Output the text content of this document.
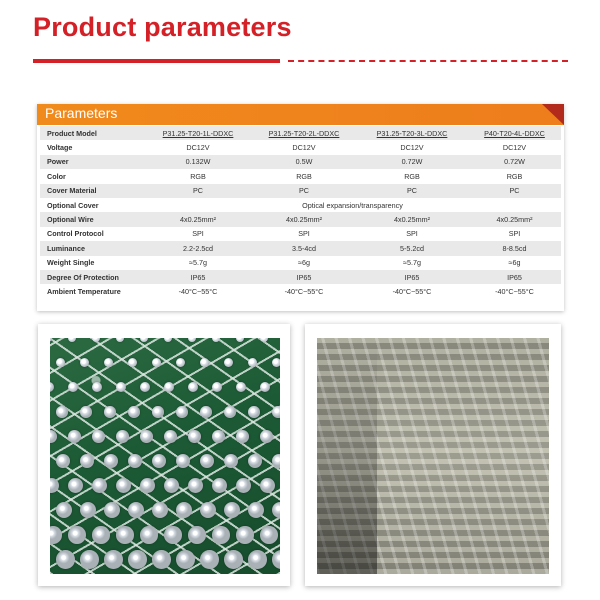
Product parameters
Parameters
Product Model	P31.25-T20-1L-DDXC	P31.25-T20-2L-DDXC	P31.25-T20-3L-DDXC	P40-T20-4L-DDXC
Voltage	DC12V	DC12V	DC12V	DC12V
Power	0.132W	0.5W	0.72W	0.72W
Color	RGB	RGB	RGB	RGB
Cover Material	PC	PC	PC	PC
Optional Cover	Optical expansion/transparency			
Optional Wire	4x0.25mm²	4x0.25mm²	4x0.25mm²	4x0.25mm²
Control Protocol	SPI	SPI	SPI	SPI
Luminance	2.2-2.5cd	3.5-4cd	5-5.2cd	8-8.5cd
Weight Single	≈5.7g	≈6g	≈5.7g	≈6g
Degree Of Protection	IP65	IP65	IP65	IP65
Ambient Temperature	-40°C~55°C	-40°C~55°C	-40°C~55°C	-40°C~55°C
